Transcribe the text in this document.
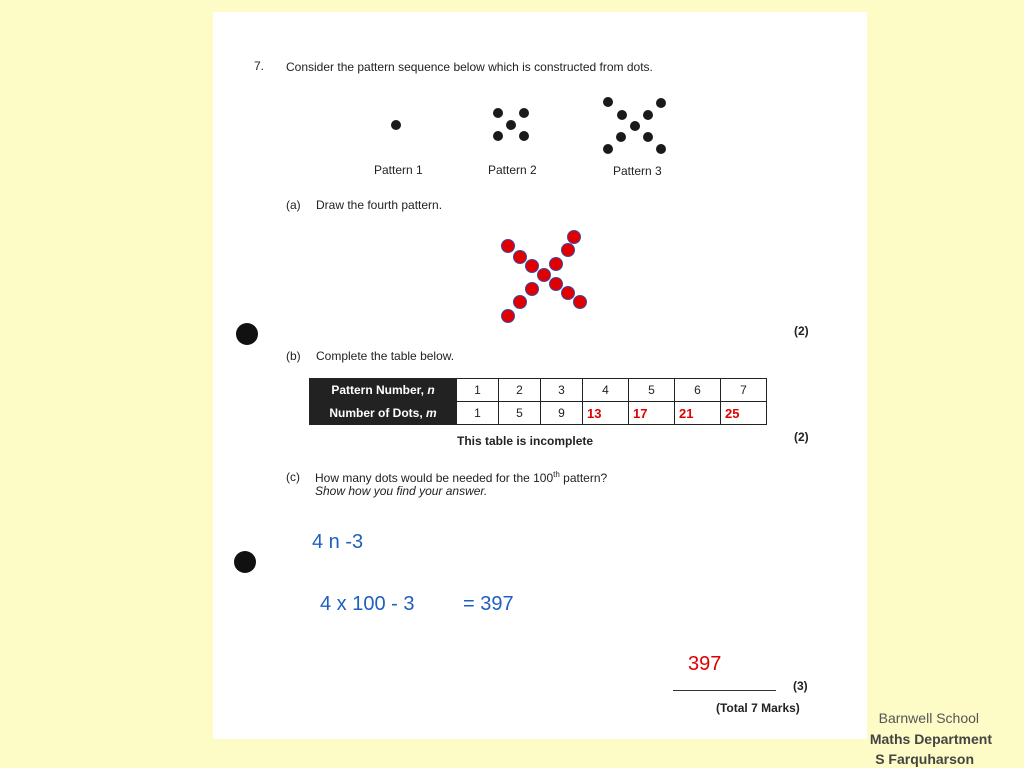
7. Consider the pattern sequence below which is constructed from dots.
Pattern 1	Pattern 2	Pattern 3
(a) Draw the fourth pattern.
(2)
(b) Complete the table below.
Pattern Number, n	1	2	3	4	5	6	7
Number of Dots, m	1	5	9	13	17	21	25
This table is incomplete	(2)
(c) How many dots would be needed for the 100th pattern?
Show how you find your answer.
4 n -3
4 x 100 - 3 = 397
397
(3)
(Total 7 Marks)
Barnwell School
Maths Department
S Farquharson
